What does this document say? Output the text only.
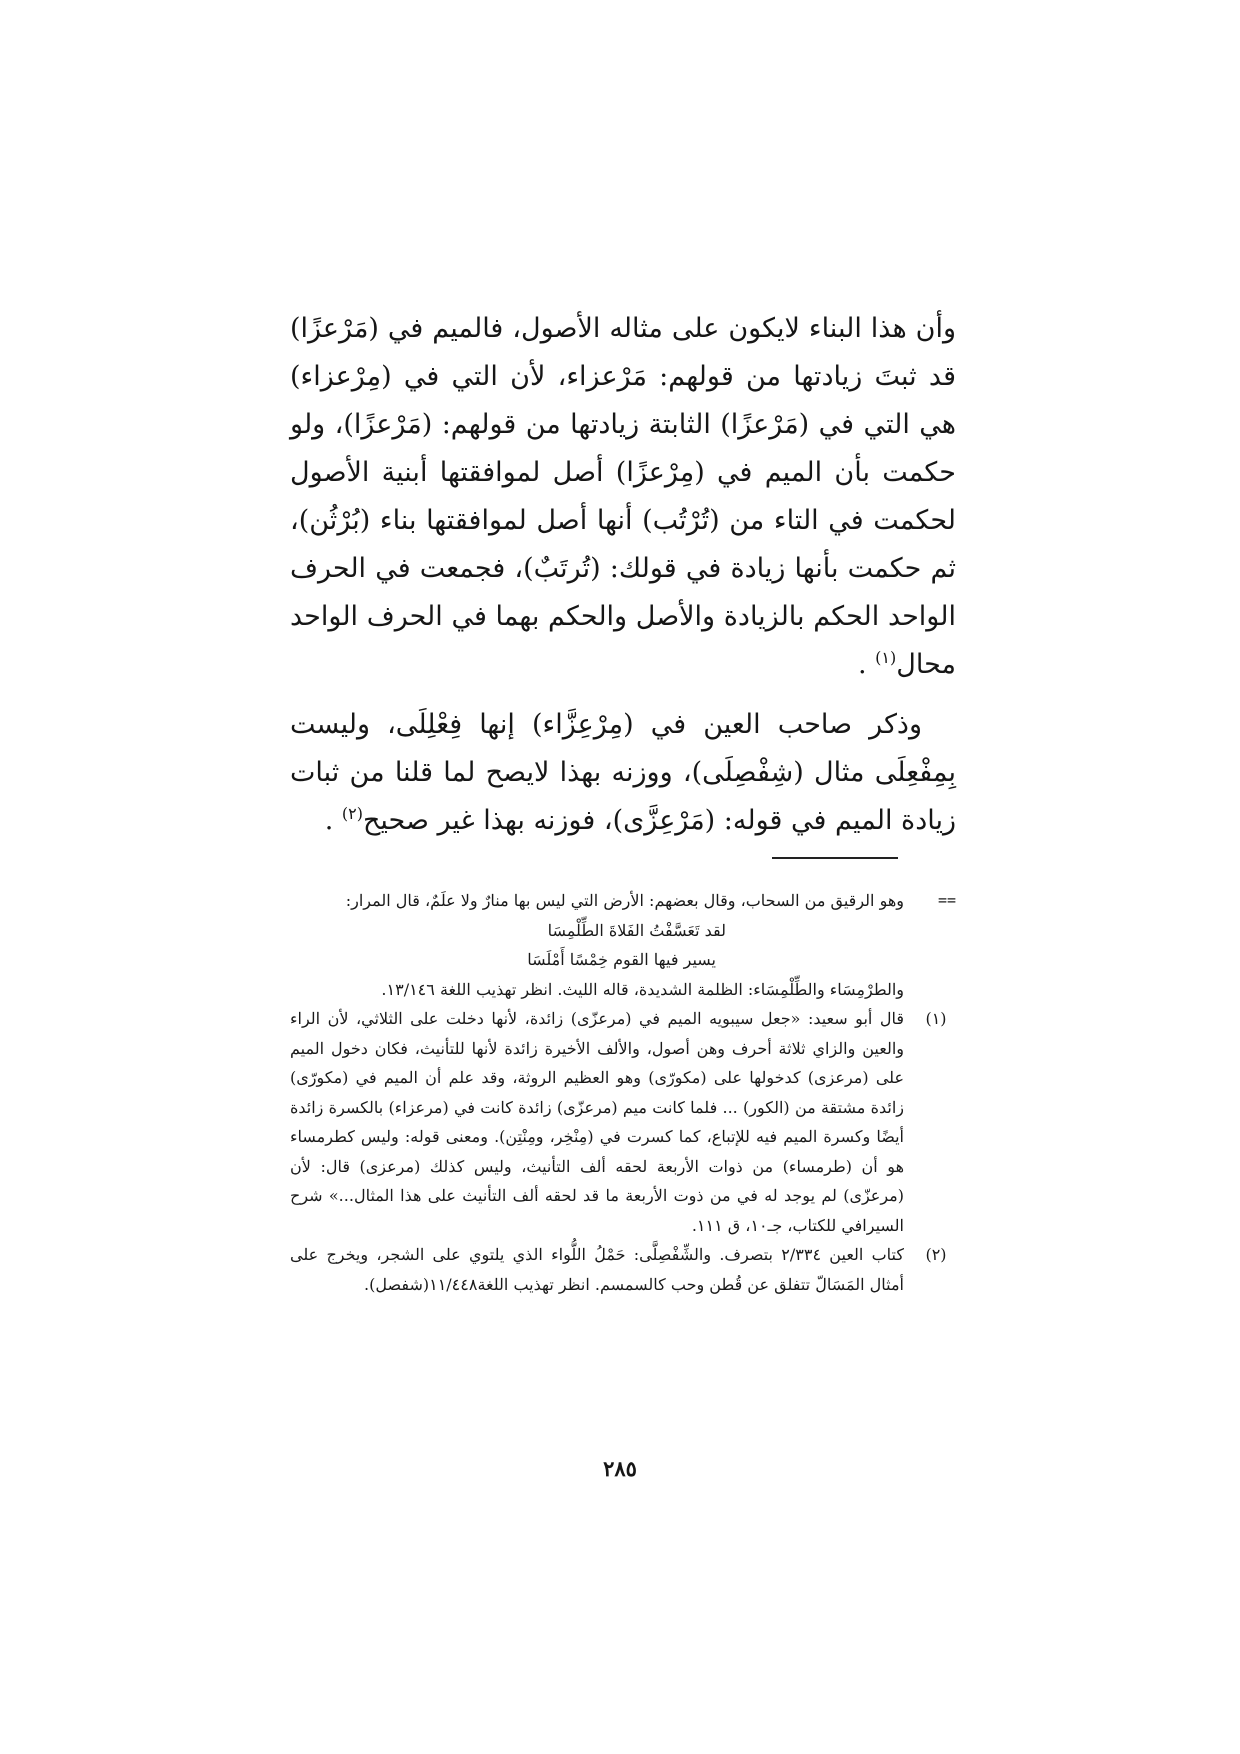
وأن هذا البناء لايكون على مثاله الأصول، فالميم في (مَرْعزًا) قد ثبتَ زيادتها من قولهم: مَرْعزاء، لأن التي في (مِرْعزاء) هي التي في (مَرْعزًا) الثابتة زيادتها من قولهم: (مَرْعزًا)، ولو حكمت بأن الميم في (مِرْعزًا) أصل لموافقتها أبنية الأصول لحكمت في التاء من (تُرْتُب) أنها أصل لموافقتها بناء (بُرْثُن)، ثم حكمت بأنها زيادة في قولك: (تُرتَبٌ)، فجمعت في الحرف الواحد الحكم بالزيادة والأصل والحكم بهما في الحرف الواحد محال$^{(١)}$ .

وذكر صاحب العين في (مِرْعِزَّاء) إنها فِعْلِلَى، وليست بِمِفْعِلَى مثال (شِفْصِلَى)، ووزنه بهذا لايصح لما قلنا من ثبات زيادة الميم في قوله: (مَرْعِزَّى)، فوزنه بهذا غير صحيح$^{(٢)}$ .

==
وهو الرقيق من السحاب، وقال بعضهم: الأرض التي ليس بها منارٌ ولا علَمٌ، قال المرار:
لقد تَعَسَّفْتُ الفَلاةَ الطِّلْمِسَا
يسير فيها القوم خِمْسًا أَمْلَسَا
والطرْمِسَاء والطِّلْمِسَاء: الظلمة الشديدة، قاله الليث. انظر تهذيب اللغة ١٣/١٤٦.
(١)
قال أبو سعيد: «جعل سيبويه الميم في (مرعزّى) زائدة، لأنها دخلت على الثلاثي، لأن الراء والعين والزاي ثلاثة أحرف وهن أصول، والألف الأخيرة زائدة لأنها للتأنيث، فكان دخول الميم على (مرعزى) كدخولها على (مكورّى) وهو العظيم الروثة، وقد علم أن الميم في (مكورّى) زائدة مشتقة من (الكور) ... فلما كانت ميم (مرعزّى) زائدة كانت في (مرعزاء) بالكسرة زائدة أيضًا وكسرة الميم فيه للإتباع، كما كسرت في (مِنْخِر، ومِنْتِن). ومعنى قوله: وليس كطرمساء هو أن (طرمساء) من ذوات الأربعة لحقه ألف التأنيث، وليس كذلك (مرعزى) قال: لأن (مرعزّى) لم يوجد له في من ذوت الأربعة ما قد لحقه ألف التأنيث على هذا المثال...» شرح السيرافي للكتاب، جـ١٠، ق ١١١.
(٢)
كتاب العين ٢/٣٣٤ بتصرف. والشِّفْصِلَّى: حَمْلُ اللُّواء الذي يلتوي على الشجر، ويخرج على أمثال المَسَالّ تتفلق عن قُطن وحب كالسمسم. انظر تهذيب اللغة١١/٤٤٨(شفصل).
٢٨٥
